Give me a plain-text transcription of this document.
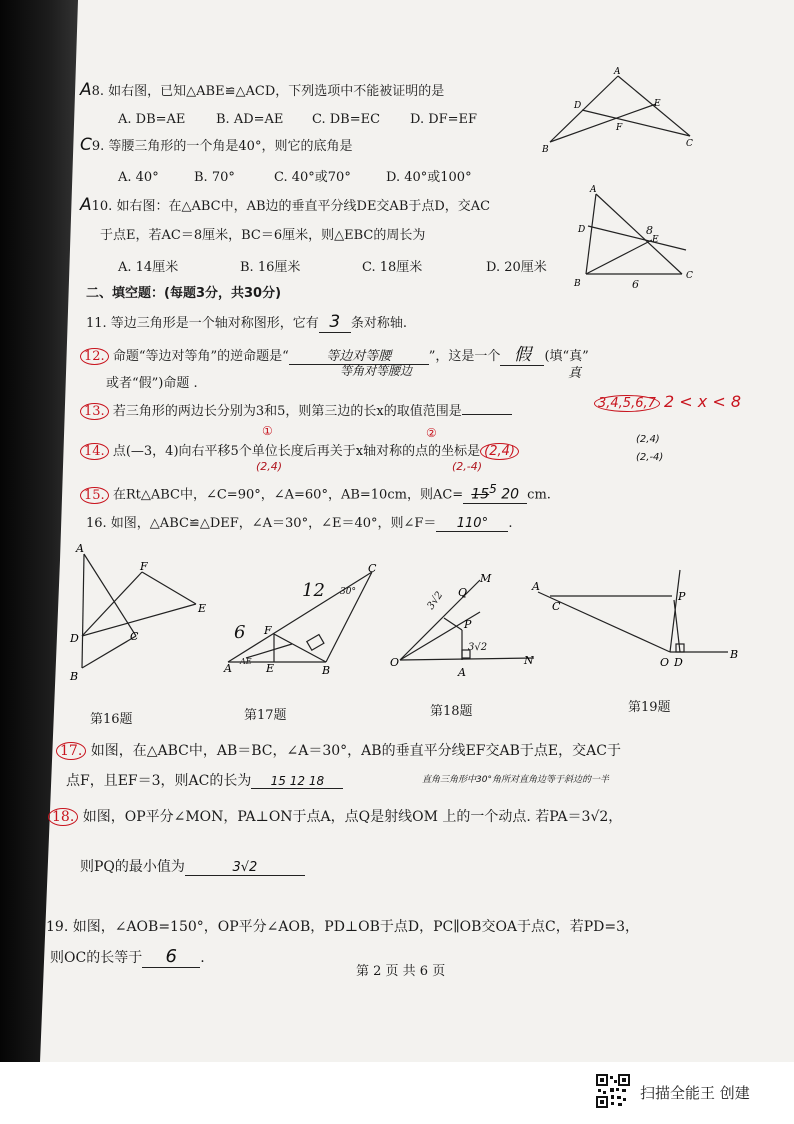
A8. 如右图，已知△ABE≌△ACD，下列选项中不能被证明的是
A. DB=AE B. AD=AE C. DB=EC D. DF=EF
A
B
C
D	E
F
C9. 等腰三角形的一个角是40°，则它的底角是
A. 40°	B. 70°	C. 40°或70°	D. 40°或100°
A10. 如右图：在△ABC中，AB边的垂直平分线DE交AB于点D，交AC
于点E，若AC＝8厘米，BC＝6厘米，则△EBC的周长为
A. 14厘米	B. 16厘米	C. 18厘米	D. 20厘米
A
B
C
D
E
8
6
二、填空题：(每题3分，共30分)
11. 等边三角形是一个轴对称图形，它有 3 条对称轴.
12. 命题“等边对等角”的逆命题是“	等边对等腰	”，这是一个 假 (填“真”
等角对等腰边	真
或者“假”)命题 .
13. 若三角形的两边长分别为3和5，则第三边的长x的取值范围是
3,4,5,6,7 2 < x < 8
①	②
14. 点(—3，4)向右平移5个单位长度后再关于x轴对称的点的坐标是 (2,4)
(2,4)	(2,-4)
(2,4)
(2,-4)
15. 在Rt△ABC中，∠C=90°，∠A=60°，AB=10cm，则AC= 155 20 cm.
16. 如图，△ABC≌△DEF，∠A＝30°，∠E＝40°，则∠F＝ 110° .
A
B
C
D
E
F
A	B
C
E
F
12
6
30°
AE	O
A
N
M
P
Q
3√2
3√2
A
C
P
O D
B
第16题	第17题	第18题	第19题
17. 如图，在△ABC中，AB＝BC，∠A＝30°，AB的垂直平分线EF交AB于点E，交AC于
点F，且EF＝3，则AC的长为 15 12 18	直角三角形中30°角所对直角边等于斜边的一半
18. 如图，OP平分∠MON，PA⊥ON于点A，点Q是射线OM 上的一个动点. 若PA＝3√2，
则PQ的最小值为	3√2
19. 如图，∠AOB=150°，OP平分∠AOB，PD⊥OB于点D，PC∥OB交OA于点C，若PD=3，
则OC的长等于 6 .
第 2 页 共 6 页
扫描全能王 创建
